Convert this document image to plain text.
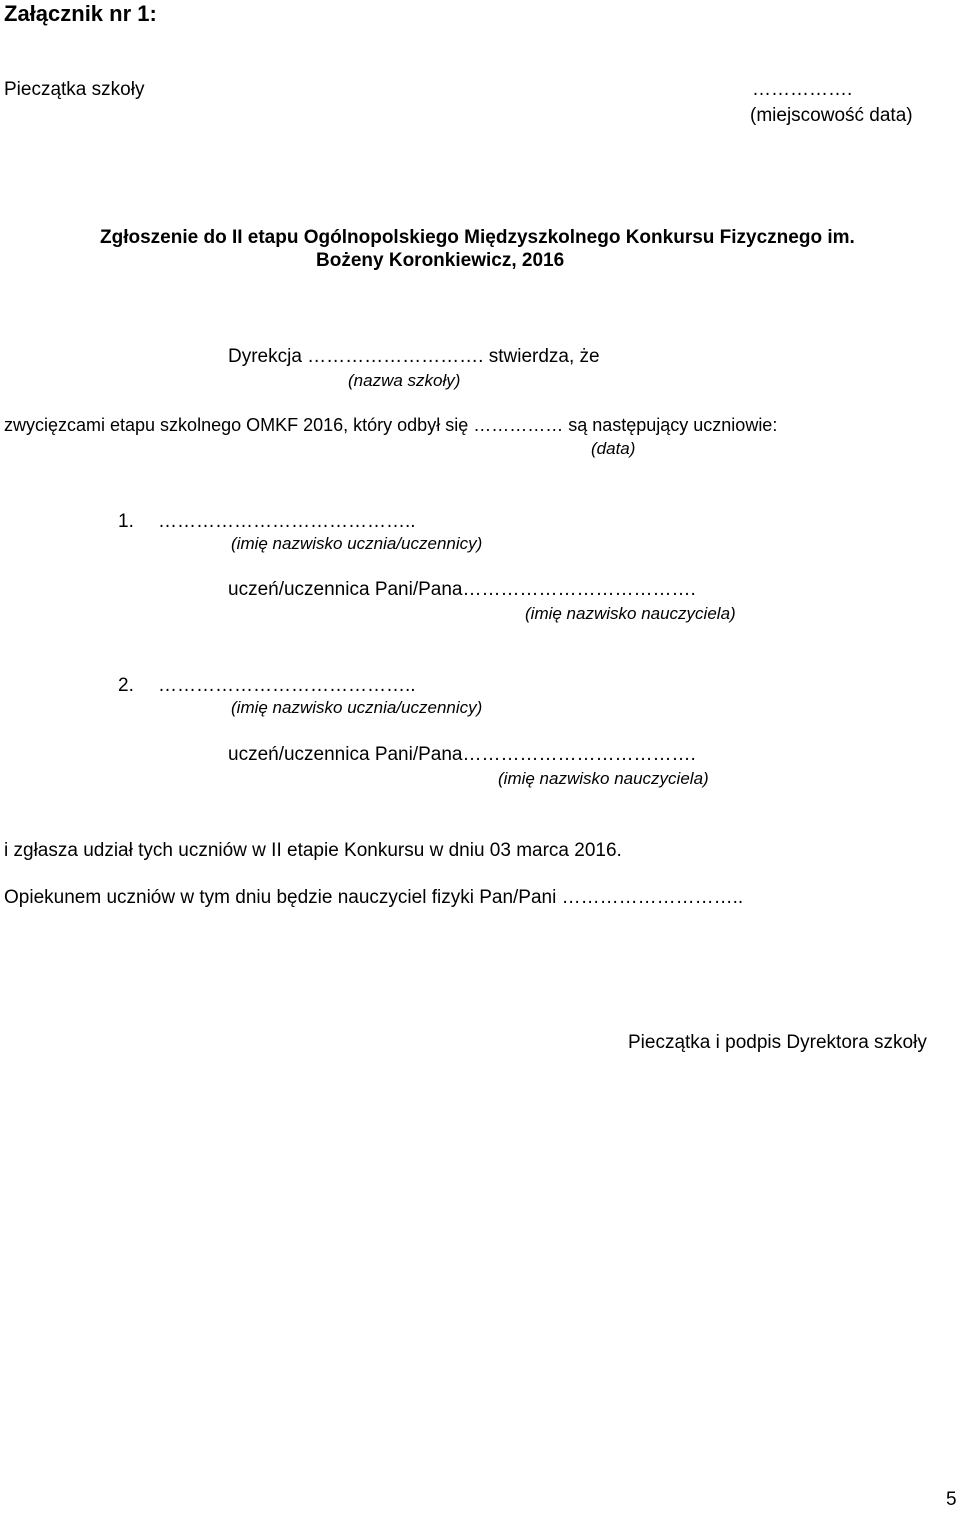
Załącznik nr 1:
Pieczątka szkoły	…………….
(miejscowość data)
Zgłoszenie do II etapu Ogólnopolskiego Międzyszkolnego Konkursu Fizycznego im.
Bożeny Koronkiewicz, 2016
Dyrekcja ………………………. stwierdza, że
(nazwa szkoły)
zwycięzcami etapu szkolnego OMKF 2016, który odbył się …………… są następujący uczniowie:
(data)
1. …………………………………..
(imię nazwisko ucznia/uczennicy)
uczeń/uczennica Pani/Pana……………………………….
(imię nazwisko nauczyciela)
2. …………………………………..
(imię nazwisko ucznia/uczennicy)
uczeń/uczennica Pani/Pana……………………………….
(imię nazwisko nauczyciela)
i zgłasza udział tych uczniów w II etapie Konkursu w dniu 03 marca 2016.
Opiekunem uczniów w tym dniu będzie nauczyciel fizyki Pan/Pani ………………………..
Pieczątka i podpis Dyrektora szkoły
5
